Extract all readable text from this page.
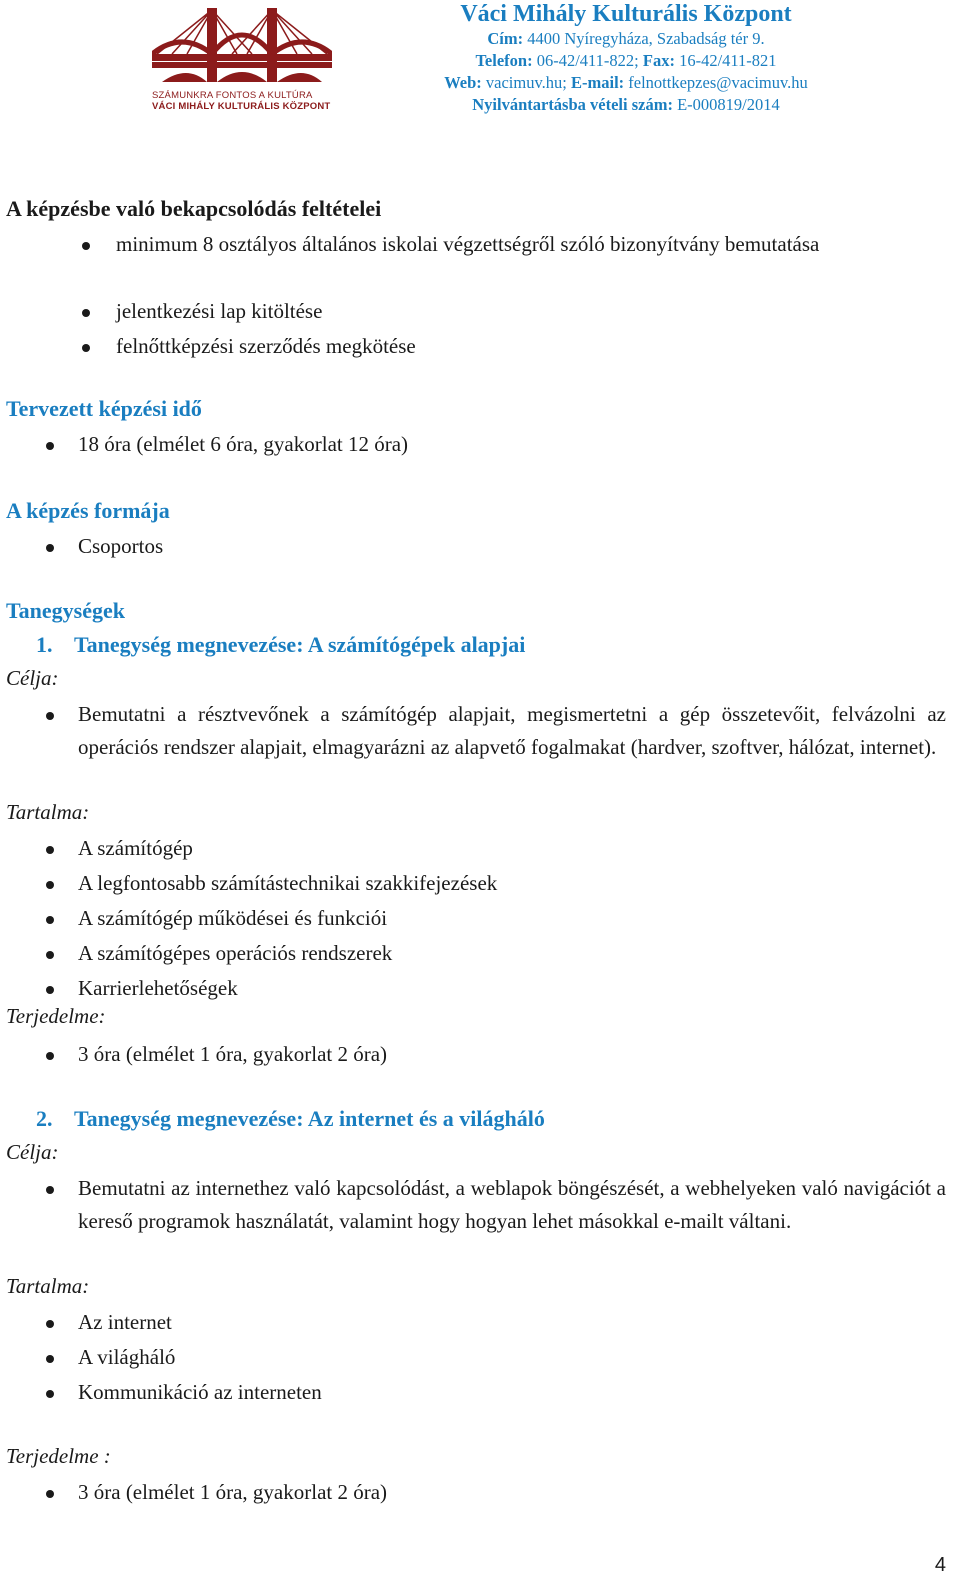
SZÁMUNKRA FONTOS A KULTÚRA
VÁCI MIHÁLY KULTURÁLIS KÖZPONT
Váci Mihály Kulturális Központ
Cím: 4400 Nyíregyháza, Szabadság tér 9.
Telefon: 06-42/411-822; Fax: 16-42/411-821
Web: vacimuv.hu; E-mail: felnottkepzes@vacimuv.hu
Nyilvántartásba vételi szám: E-000819/2014
A képzésbe való bekapcsolódás feltételei
minimum 8 osztályos általános iskolai végzettségről szóló bizonyítvány bemutatása
jelentkezési lap kitöltése
felnőttképzési szerződés megkötése
Tervezett képzési idő
18 óra (elmélet 6 óra, gyakorlat 12 óra)
A képzés formája
Csoportos
Tanegységek
1. Tanegység megnevezése: A számítógépek alapjai
Célja:
Bemutatni a résztvevőnek a számítógép alapjait, megismertetni a gép összetevőit, felvázolni az operációs rendszer alapjait, elmagyarázni az alapvető fogalmakat (hardver, szoftver, hálózat, internet).
Tartalma:
A számítógép
A legfontosabb számítástechnikai szakkifejezések
A számítógép működései és funkciói
A számítógépes operációs rendszerek
Karrierlehetőségek
Terjedelme:
3 óra (elmélet 1 óra, gyakorlat 2 óra)
2. Tanegység megnevezése: Az internet és a világháló
Célja:
Bemutatni az internethez való kapcsolódást, a weblapok böngészését, a webhelyeken való navigációt a kereső programok használatát, valamint hogy hogyan lehet másokkal e-mailt váltani.
Tartalma:
Az internet
A világháló
Kommunikáció az interneten
Terjedelme :
3 óra (elmélet 1 óra, gyakorlat 2 óra)
4
